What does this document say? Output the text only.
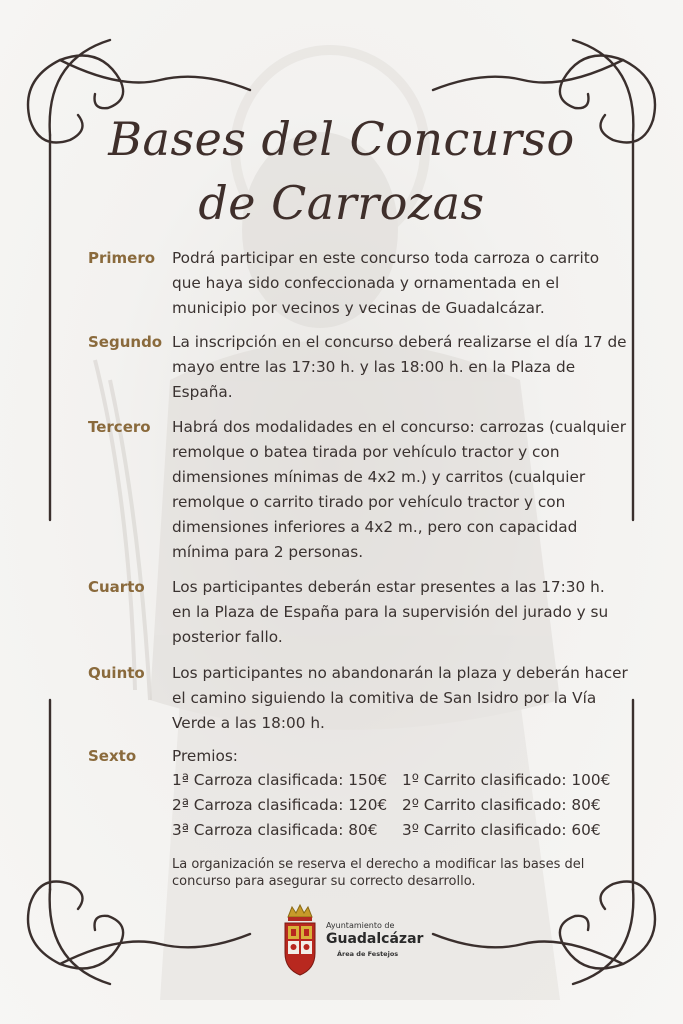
Bases del Concurso
de Carrozas
Primero	Podrá participar en este concurso toda carroza o carrito que haya sido confeccionada y ornamentada en el municipio por vecinos y vecinas de Guadalcázar.
Segundo La inscripción en el concurso deberá realizarse el día 17 de mayo entre las 17:30 h. y las 18:00 h. en la Plaza de España.
Tercero	Habrá dos modalidades en el concurso: carrozas (cualquier remolque o batea tirada por vehículo tractor y con dimensiones mínimas de 4x2 m.) y carritos (cualquier remolque o carrito tirado por vehículo tractor y con dimensiones inferiores a 4x2 m., pero con capacidad mínima para 2 personas.
Cuarto	Los participantes deberán estar presentes a las 17:30 h. en la Plaza de España para la supervisión del jurado y su posterior fallo.
Quinto	Los participantes no abandonarán la plaza y deberán hacer el camino siguiendo la comitiva de San Isidro por la Vía Verde a las 18:00 h.
Sexto	Premios:
1ª Carroza clasificada: 150€ 1º Carrito clasificado: 100€
2ª Carroza clasificada: 120€ 2º Carrito clasificado: 80€
3ª Carroza clasificada: 80€	3º Carrito clasificado: 60€
La organización se reserva el derecho a modificar las bases del concurso para asegurar su correcto desarrollo.
Ayuntamiento de
Guadalcázar
Área de Festejos
